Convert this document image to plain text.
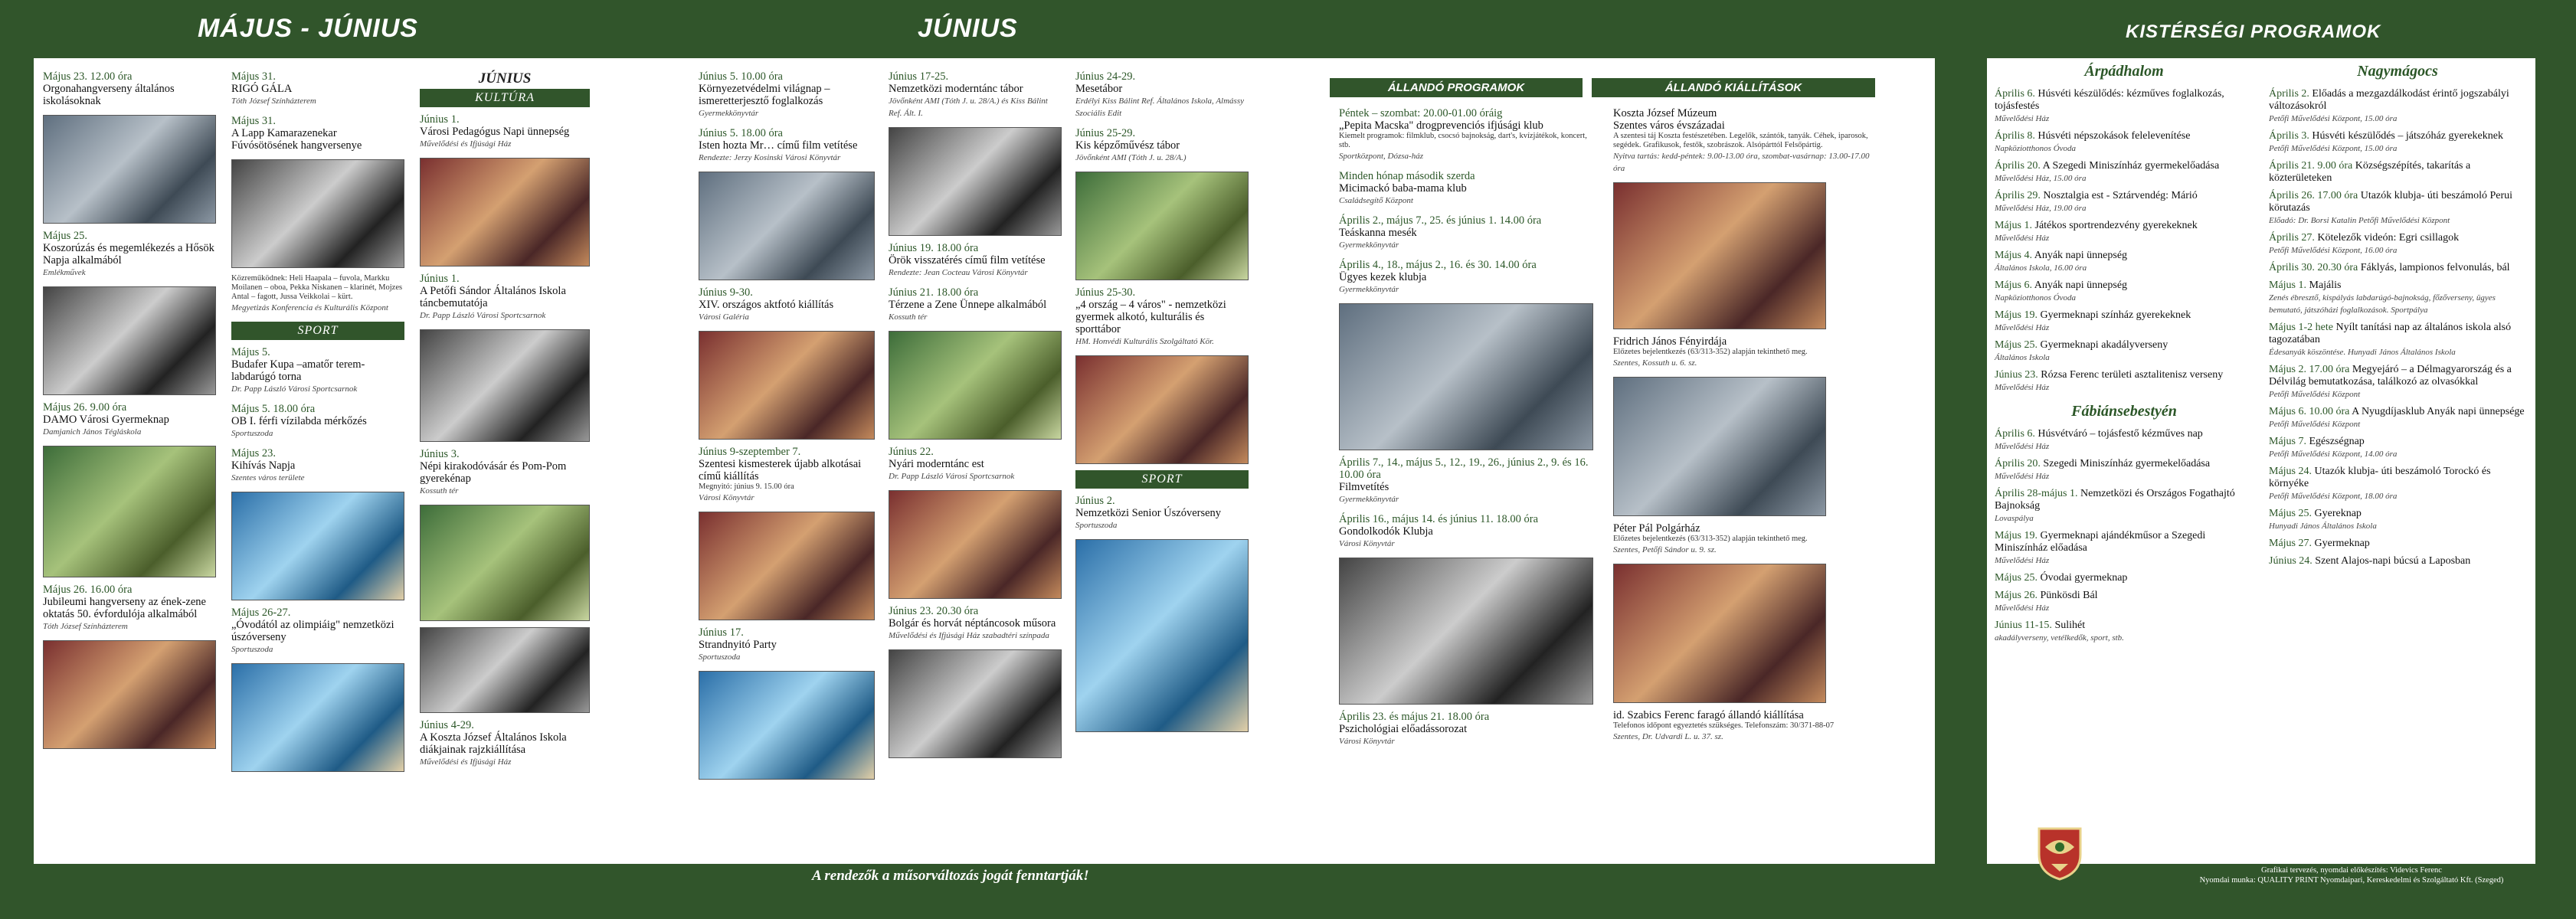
MÁJUS - JÚNIUS	JÚNIUS	KISTÉRSÉGI PROGRAMOK
Május 23. 12.00 óra
Orgonahangverseny általános iskolásoknak
Május 25.
Koszorúzás és megemlékezés a Hősök Napja alkalmából
Emlékművek
Május 26. 9.00 óra
DAMO Városi Gyermeknap
Damjanich János Tégláskola
Május 26. 16.00 óra
Jubileumi hangverseny az ének-zene oktatás 50. évfordulója alkalmából
Tóth József Színházterem
Május 31.
RIGÓ GÁLA
Tóth József Színházterem
Május 31.
A Lapp Kamarazenekar Fúvósötösének hangversenye
Közreműködnek: Heli Haapala – fuvola, Markku Moilanen – oboa, Pekka Niskanen – klarinét, Mojzes Antal – fagott, Jussa Veikkolai – kürt.
Megyetizás Konferencia és Kulturális Központ
SPORT
Május 5.
Budafer Kupa –amatőr terem-labdarúgó torna
Dr. Papp László Városi Sportcsarnok
Május 5. 18.00 óra
OB I. férfi vízilabda mérkőzés
Sportuszoda
Május 23.
Kihívás Napja
Szentes város területe
Május 26-27.
„Óvodától az olimpiáig" nemzetközi úszóverseny
Sportuszoda
JÚNIUS
KULTÚRA
Június 1.
Városi Pedagógus Napi ünnepség
Művelődési és Ifjúsági Ház
Június 1.
A Petőfi Sándor Általános Iskola táncbemutatója
Dr. Papp László Városi Sportcsarnok
Június 3.
Népi kirakodóvásár és Pom-Pom gyerekénap
Kossuth tér
Június 4-29.
A Koszta József Általános Iskola diákjainak rajzkiállítása
Művelődési és Ifjúsági Ház
Június 5. 10.00 óra
Környezetvédelmi világnap – ismeretterjesztő foglalkozás
Gyermekkönyvtár
Június 5. 18.00 óra
Isten hozta Mr… című film vetítése
Rendezte: Jerzy Kosinski Városi Könyvtár
Június 9-30.
XIV. országos aktfotó kiállítás
Városi Galéria
Június 9-szeptember 7.
Szentesi kismesterek újabb alkotásai című kiállítás
Megnyitó: június 9. 15.00 óra
Városi Könyvtár
Június 17.
Strandnyitó Party
Sportuszoda
Június 17-25.
Nemzetközi moderntánc tábor
Jövőnként AMI (Tóth J. u. 28/A.) és Kiss Bálint Ref. Ált. I.
Június 19. 18.00 óra
Örök visszatérés című film vetítése
Rendezte: Jean Cocteau Városi Könyvtár
Június 21. 18.00 óra
Térzene a Zene Ünnepe alkalmából
Kossuth tér
Június 22.
Nyári moderntánc est
Dr. Papp László Városi Sportcsarnok
Június 23. 20.30 óra
Bolgár és horvát néptáncosok műsora
Művelődési és Ifjúsági Ház szabadtéri színpada
Június 24-29.
Mesetábor
Erdélyi Kiss Bálint Ref. Általános Iskola, Almássy Szociális Edit
Június 25-29.
Kis képzőművész tábor
Jövőnként AMI (Tóth J. u. 28/A.)
Június 25-30.
„4 ország – 4 város" - nemzetközi gyermek alkotó, kulturális és sporttábor
HM. Honvédi Kulturális Szolgáltató Kör.
SPORT
Június 2.
Nemzetközi Senior Úszóverseny
Sportuszoda
ÁLLANDÓ PROGRAMOK	ÁLLANDÓ KIÁLLÍTÁSOK
Péntek – szombat: 20.00-01.00 óráig
„Pepita Macska" drogprevenciós ifjúsági klub
Kiemelt programok: filmklub, csocsó bajnokság, dart's, kvízjátékok, koncert, stb.
Sportközpont, Dózsa-ház
Minden hónap második szerda
Micimackó baba-mama klub
Családsegítő Központ
Április 2., május 7., 25. és június 1. 14.00 óra
Teáskanna mesék
Gyermekkönyvtár
Április 4., 18., május 2., 16. és 30. 14.00 óra
Ügyes kezek klubja
Gyermekkönyvtár
Április 7., 14., május 5., 12., 19., 26., június 2., 9. és 16. 10.00 óra
Filmvetítés
Gyermekkönyvtár
Április 16., május 14. és június 11. 18.00 óra
Gondolkodók Klubja
Városi Könyvtár
Április 23. és május 21. 18.00 óra
Pszichológiai előadássorozat
Városi Könyvtár
Koszta József Múzeum
Szentes város évszázadai
A szentesi táj Koszta festészetében. Legelők, szántók, tanyák. Céhek, iparosok, segédek. Grafikusok, festők, szobrászok. Alsópárttól Felsőpártig.
Nyitva tartás: kedd-péntek: 9.00-13.00 óra, szombat-vasárnap: 13.00-17.00 óra
Fridrich János Fényirdája
Előzetes bejelentkezés (63/313-352) alapján tekinthető meg.
Szentes, Kossuth u. 6. sz.
Péter Pál Polgárház
Előzetes bejelentkezés (63/313-352) alapján tekinthető meg.
Szentes, Petőfi Sándor u. 9. sz.
id. Szabics Ferenc faragó állandó kiállítása
Telefonos időpont egyeztetés szükséges. Telefonszám: 30/371-88-07
Szentes, Dr. Udvardi L. u. 37. sz.
Árpádhalom
Április 6. Húsvéti készülődés: kézműves foglalkozás, tojásfestés
Művelődési Ház
Április 8. Húsvéti népszokások felelevenítése
Napköziotthonos Óvoda
Április 20. A Szegedi Miniszínház gyermekelőadása
Művelődési Ház, 15.00 óra
Április 29. Nosztalgia est - Sztárvendég: Márió
Művelődési Ház, 19.00 óra
Május 1. Játékos sportrendezvény gyerekeknek
Művelődési Ház
Május 4. Anyák napi ünnepség
Általános Iskola, 16.00 óra
Május 6. Anyák napi ünnepség
Napköziotthonos Óvoda
Május 19. Gyermeknapi színház gyerekeknek
Művelődési Ház
Május 25. Gyermeknapi akadályverseny
Általános Iskola
Június 23. Rózsa Ferenc területi asztalitenisz verseny
Művelődési Ház
Fábiánsebestyén
Április 6. Húsvétváró – tojásfestő kézműves nap
Művelődési Ház
Április 20. Szegedi Miniszínház gyermekelőadása
Művelődési Ház
Április 28-május 1. Nemzetközi és Országos Fogathajtó Bajnokság
Lovaspálya
Május 19. Gyermeknapi ajándékműsor a Szegedi Miniszínház előadása
Művelődési Ház
Május 25. Óvodai gyermeknap
Május 26. Pünkösdi Bál
Művelődési Ház
Június 11-15. Sulihét
akadályverseny, vetélkedők, sport, stb.
Nagymágocs
Április 2. Előadás a mezgazdálkodást érintő jogszabályi változásokról
Petőfi Művelődési Központ, 15.00 óra
Április 3. Húsvéti készülődés – játszóház gyerekeknek
Petőfi Művelődési Központ, 15.00 óra
Április 21. 9.00 óra Községszépítés, takarítás a közterületeken
Április 26. 17.00 óra Utazók klubja- úti beszámoló Perui körutazás
Előadó: Dr. Borsi Katalin Petőfi Művelődési Központ
Április 27. Kötelezők videón: Egri csillagok
Petőfi Művelődési Központ, 16.00 óra
Április 30. 20.30 óra Fáklyás, lampionos felvonulás, bál
Május 1. Majális
Zenés ébresztő, kispályás labdarúgó-bajnokság, főzőverseny, ügyes bemutató, játszóházi foglalkozások. Sportpálya
Május 1-2 hete Nyílt tanítási nap az általános iskola alsó tagozatában
Édesanyák köszöntése. Hunyadi János Általános Iskola
Május 2. 17.00 óra Megyejáró – a Délmagyarország és a Délvilág bemutatkozása, találkozó az olvasókkal
Petőfi Művelődési Központ
Május 6. 10.00 óra A Nyugdíjasklub Anyák napi ünnepsége
Petőfi Művelődési Központ
Május 7. Egészségnap
Petőfi Művelődési Központ, 14.00 óra
Május 24. Utazók klubja- úti beszámoló Torockó és környéke
Petőfi Művelődési Központ, 18.00 óra
Május 25. Gyereknap
Hunyadi János Általános Iskola
Május 27. Gyermeknap
Június 24. Szent Alajos-napi búcsú a Laposban
A rendezők a műsorváltozás jogát fenntartják!
Kiadja: Szentes Város Önkormányzata Polgármesteri Hivatala
Felelős kiadó: Szirbik Imre polgármester
Szerkesztőség: Szentes Város Önkormányzata Polgármesteri Hivatala
6600 Szentes, Kossuth tér 6. sz. · Tel: 63/510-300 Fax: 63/313-341
Grafikai tervezés, nyomdai előkészítés: Videvics Ferenc
Nyomdai munka: QUALITY PRINT Nyomdaipari, Kereskedelmi és Szolgáltató Kft. (Szeged)
